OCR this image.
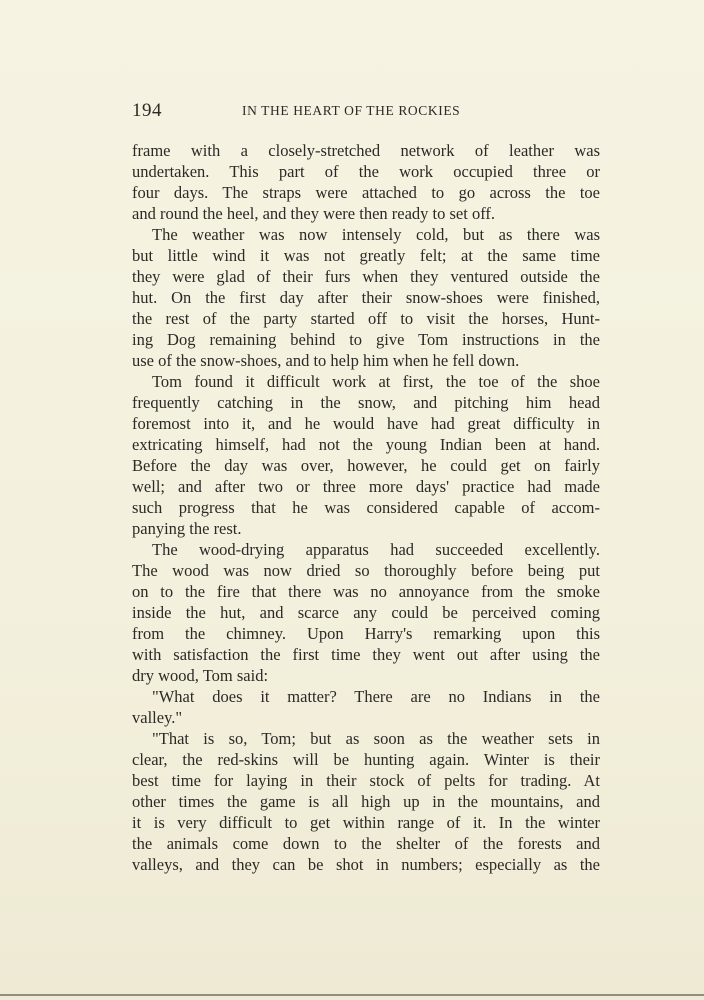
194	IN THE HEART OF THE ROCKIES
frame with a closely-stretched network of leather was
undertaken. This part of the work occupied three or
four days. The straps were attached to go across the toe
and round the heel, and they were then ready to set off.
The weather was now intensely cold, but as there was
but little wind it was not greatly felt; at the same time
they were glad of their furs when they ventured outside the
hut. On the first day after their snow-shoes were finished,
the rest of the party started off to visit the horses, Hunt-
ing Dog remaining behind to give Tom instructions in the
use of the snow-shoes, and to help him when he fell down.
Tom found it difficult work at first, the toe of the shoe
frequently catching in the snow, and pitching him head
foremost into it, and he would have had great difficulty in
extricating himself, had not the young Indian been at hand.
Before the day was over, however, he could get on fairly
well; and after two or three more days' practice had made
such progress that he was considered capable of accom-
panying the rest.
The wood-drying apparatus had succeeded excellently.
The wood was now dried so thoroughly before being put
on to the fire that there was no annoyance from the smoke
inside the hut, and scarce any could be perceived coming
from the chimney. Upon Harry's remarking upon this
with satisfaction the first time they went out after using the
dry wood, Tom said:
"What does it matter? There are no Indians in the
valley."
"That is so, Tom; but as soon as the weather sets in
clear, the red-skins will be hunting again. Winter is their
best time for laying in their stock of pelts for trading. At
other times the game is all high up in the mountains, and
it is very difficult to get within range of it. In the winter
the animals come down to the shelter of the forests and
valleys, and they can be shot in numbers; especially as the
